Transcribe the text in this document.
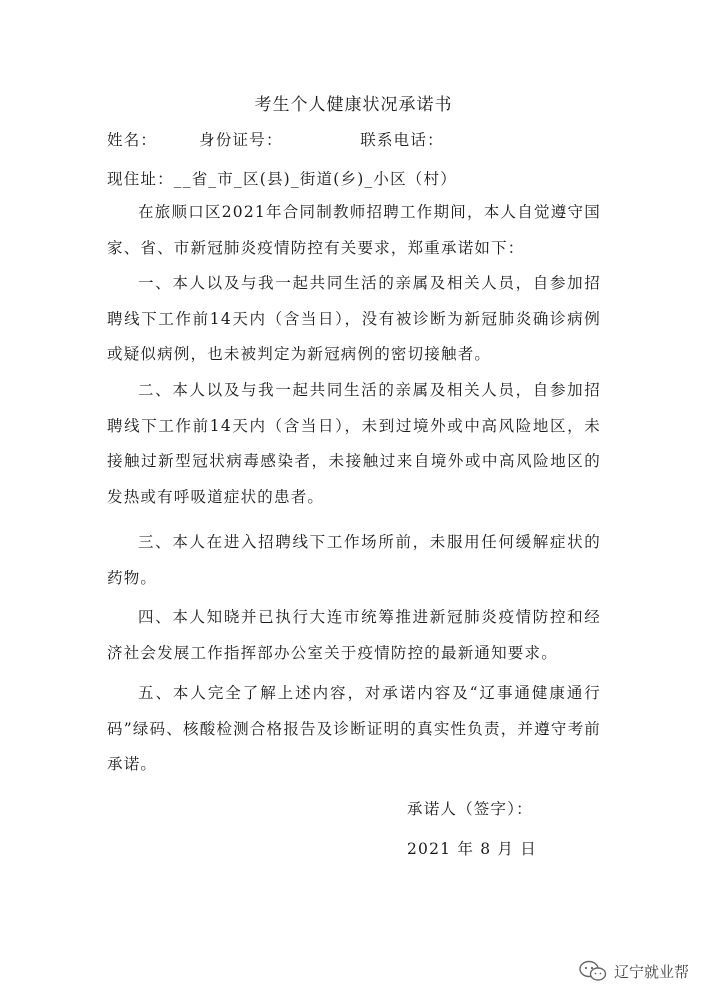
考生个人健康状况承诺书
姓名：	身份证号：	联系电话：
现住址：__省_市_区(县)_街道(乡)_小区（村）

在旅顺口区2021年合同制教师招聘工作期间，本人自觉遵守国家、省、市新冠肺炎疫情防控有关要求，郑重承诺如下：

一、本人以及与我一起共同生活的亲属及相关人员，自参加招聘线下工作前14天内（含当日），没有被诊断为新冠肺炎确诊病例或疑似病例，也未被判定为新冠病例的密切接触者。

二、本人以及与我一起共同生活的亲属及相关人员，自参加招聘线下工作前14天内（含当日），未到过境外或中高风险地区，未接触过新型冠状病毒感染者，未接触过来自境外或中高风险地区的发热或有呼吸道症状的患者。

三、本人在进入招聘线下工作场所前，未服用任何缓解症状的药物。

四、本人知晓并已执行大连市统筹推进新冠肺炎疫情防控和经济社会发展工作指挥部办公室关于疫情防控的最新通知要求。

五、本人完全了解上述内容，对承诺内容及“辽事通健康通行码”绿码、核酸检测合格报告及诊断证明的真实性负责，并遵守考前承诺。

承诺人（签字）：
2021 年 8 月 日
辽宁就业帮
